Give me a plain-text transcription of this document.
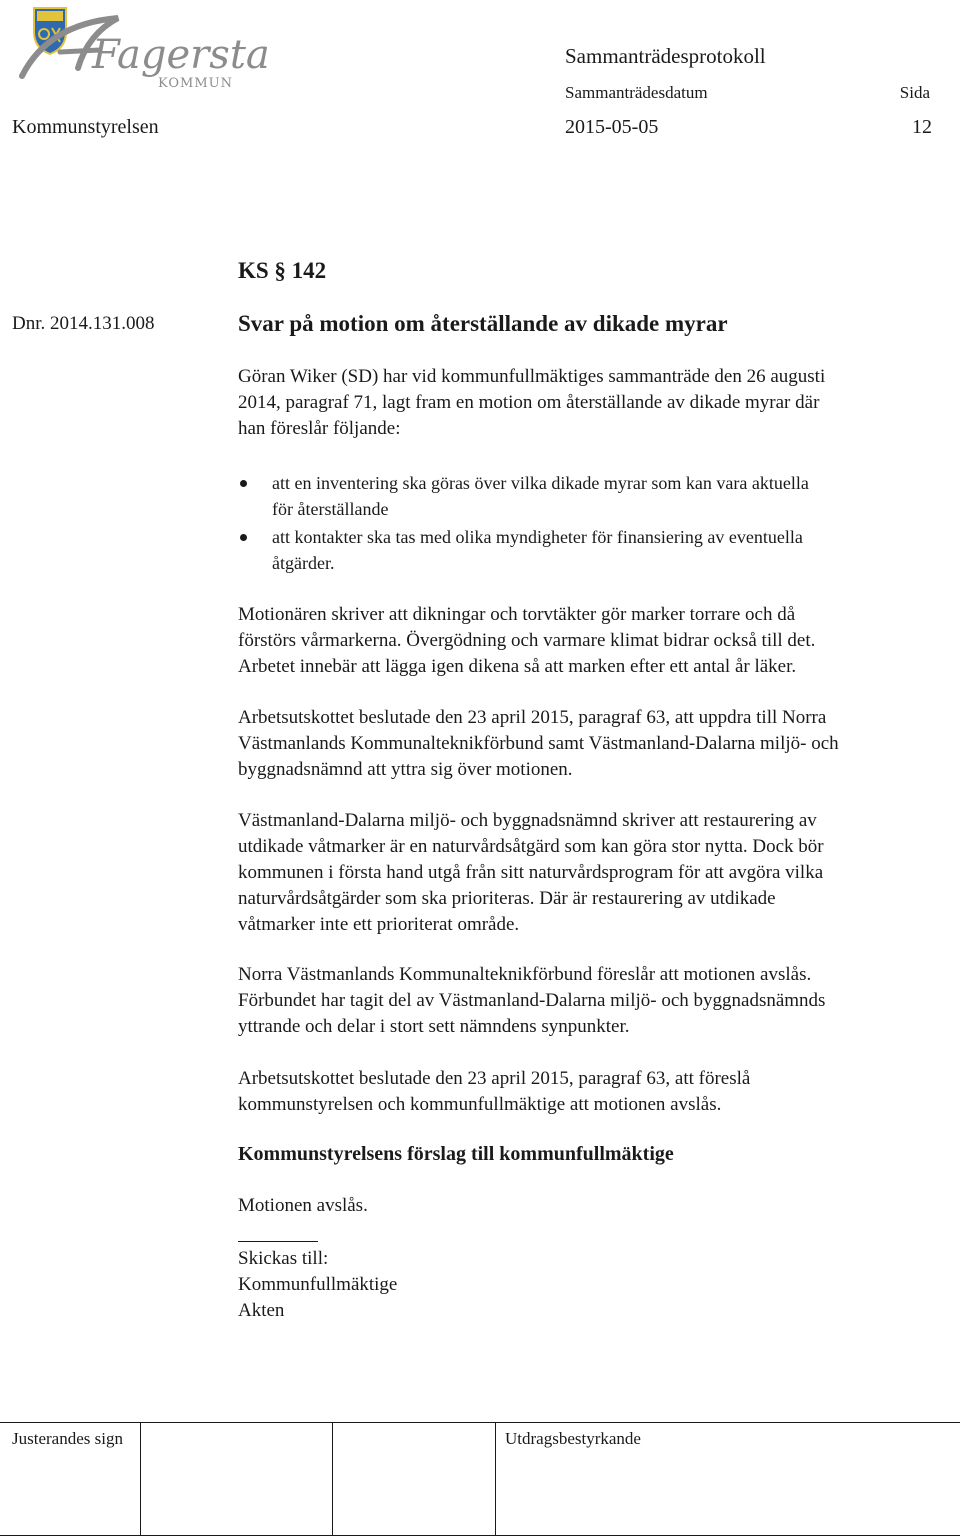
Fagersta
KOMMUN
Sammanträdesprotokoll
Sammanträdesdatum	Sida
Kommunstyrelsen	2015-05-05	12
KS § 142
Dnr. 2014.131.008	Svar på motion om återställande av dikade myrar

Göran Wiker (SD) har vid kommunfullmäktiges sammanträde den 26 augusti

2014, paragraf 71, lagt fram en motion om återställande av dikade myrar där

han föreslår följande:

att en inventering ska göras över vilka dikade myrar som kan vara aktuella
för återställande
att kontakter ska tas med olika myndigheter för finansiering av eventuella
åtgärder.

Motionären skriver att dikningar och torvtäkter gör marker torrare och då

förstörs vårmarkerna. Övergödning och varmare klimat bidrar också till det.

Arbetet innebär att lägga igen dikena så att marken efter ett antal år läker.

Arbetsutskottet beslutade den 23 april 2015, paragraf 63, att uppdra till Norra

Västmanlands Kommunalteknikförbund samt Västmanland-Dalarna miljö- och

byggnadsnämnd att yttra sig över motionen.

Västmanland-Dalarna miljö- och byggnadsnämnd skriver att restaurering av

utdikade våtmarker är en naturvårdsåtgärd som kan göra stor nytta. Dock bör

kommunen i första hand utgå från sitt naturvårdsprogram för att avgöra vilka

naturvårdsåtgärder som ska prioriteras. Där är restaurering av utdikade

våtmarker inte ett prioriterat område.

Norra Västmanlands Kommunalteknikförbund föreslår att motionen avslås.

Förbundet har tagit del av Västmanland-Dalarna miljö- och byggnadsnämnds

yttrande och delar i stort sett nämndens synpunkter.

Arbetsutskottet beslutade den 23 april 2015, paragraf 63, att föreslå

kommunstyrelsen och kommunfullmäktige att motionen avslås.

Kommunstyrelsens förslag till kommunfullmäktige
Motionen avslås.

Skickas till:

Kommunfullmäktige

Akten

Justerandes sign	Utdragsbestyrkande
